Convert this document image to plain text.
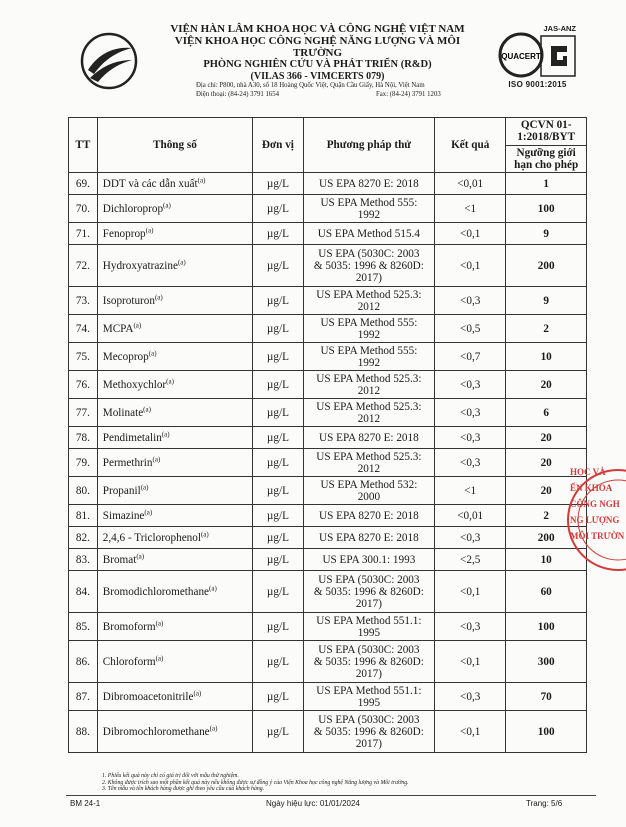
VIỆN HÀN LÂM KHOA HỌC VÀ CÔNG NGHỆ VIỆT NAM
VIỆN KHOA HỌC CÔNG NGHỆ NĂNG LƯỢNG VÀ MÔI TRƯỜNG
PHÒNG NGHIÊN CỨU VÀ PHÁT TRIỂN (R&D)
(VILAS 366 - VIMCERTS 079)
Địa chỉ: P800, nhà A30, số 18 Hoàng Quốc Việt, Quận Cầu Giấy, Hà Nội, Việt Nam
Điện thoại: (84-24) 3791 1654	Fax: (84-24) 3791 1203
JAS-ANZ
QUACERT
ISO 9001:2015
TT	Thông số	Đơn vị	Phương pháp thử	Kết quả	QCVN 01-
1:2018/BYT
Ngưỡng giới
hạn cho phép

69.	DDT và các dẫn xuất$^{(a)}$	µg/L	US EPA 8270 E: 2018	<0,01	1
70.	Dichloroprop$^{(a)}$	µg/L	US EPA Method 555:
1992	<1	100
71.	Fenoprop$^{(a)}$	µg/L	US EPA Method 515.4	<0,1	9
72.	Hydroxyatrazine$^{(a)}$	µg/L	US EPA (5030C: 2003
& 5035: 1996 & 8260D:
2017)	<0,1	200
73.	Isoproturon$^{(a)}$	µg/L	US EPA Method 525.3:
2012	<0,3	9
74.	MCPA$^{(a)}$	µg/L	US EPA Method 555:
1992	<0,5	2
75.	Mecoprop$^{(a)}$	µg/L	US EPA Method 555:
1992	<0,7	10
76.	Methoxychlor$^{(a)}$	µg/L	US EPA Method 525.3:
2012	<0,3	20
77.	Molinate$^{(a)}$	µg/L	US EPA Method 525.3:
2012	<0,3	6
78.	Pendimetalin$^{(a)}$	µg/L	US EPA 8270 E: 2018	<0,3	20
79.	Permethrin$^{(a)}$	µg/L	US EPA Method 525.3:
2012	<0,3	20
80.	Propanil$^{(a)}$	µg/L	US EPA Method 532:
2000	<1	20
81.	Simazine$^{(a)}$	µg/L	US EPA 8270 E: 2018	<0,01	2
82.	2,4,6 - Triclorophenol$^{(a)}$	µg/L	US EPA 8270 E: 2018	<0,3	200
83.	Bromat$^{(a)}$	µg/L	US EPA 300.1: 1993	<2,5	10
84.	Bromodichloromethane$^{(a)}$	µg/L	US EPA (5030C: 2003
& 5035: 1996 & 8260D:
2017)	<0,1	60
85.	Bromoform$^{(a)}$	µg/L	US EPA Method 551.1:
1995	<0,3	100
86.	Chloroform$^{(a)}$	µg/L	US EPA (5030C: 2003
& 5035: 1996 & 8260D:
2017)	<0,1	300
87.	Dibromoacetonitrile$^{(a)}$	µg/L	US EPA Method 551.1:
1995	<0,3	70
88.	Dibromochloromethane$^{(a)}$	µg/L	US EPA (5030C: 2003
& 5035: 1996 & 8260D:
2017)	<0,1	100
HỌC VÀ
ẾN KHOA
CÔNG NGH
NG LƯỢNG
MÔI TRƯỜN
1. Phiếu kết quả này chỉ có giá trị đối với mẫu thử nghiệm.
2. Không được trích sao một phần kết quả này nếu không được sự đồng ý của Viện Khoa học công nghệ Năng lượng và Môi trường.
3. Tên mẫu và tên khách hàng được ghi theo yêu cầu của khách hàng.
BM 24-1	Ngày hiệu lực: 01/01/2024	Trang: 5/6
